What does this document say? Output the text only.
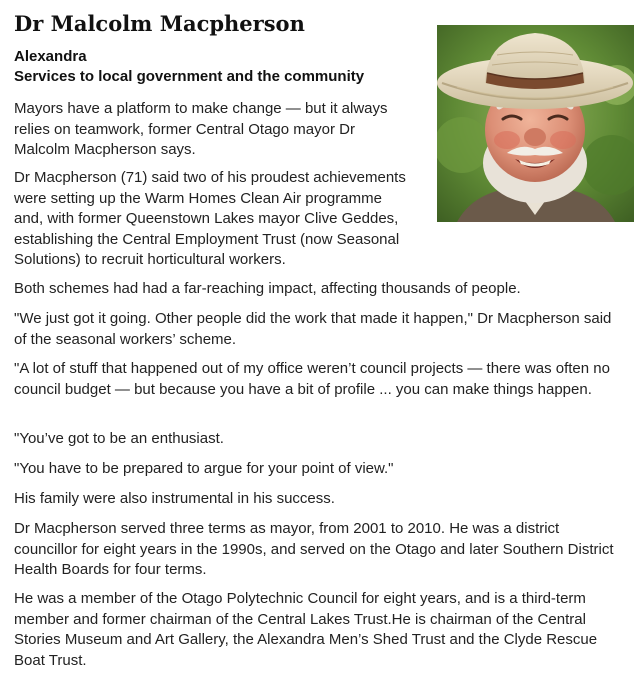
Dr Malcolm Macpherson
Alexandra
Services to local government and the community

Mayors have a platform to make change — but it always relies on teamwork, former Central Otago mayor Dr Malcolm Macpherson says.

Dr Macpherson (71) said two of his proudest achievements were setting up the Warm Homes Clean Air programme and, with former Queenstown Lakes mayor Clive Geddes, establishing the Central Employment Trust (now Seasonal Solutions) to recruit horticultural workers.

Both schemes had had a far-reaching impact, affecting thousands of people.

"We just got it going. Other people did the work that made it happen," Dr Macpherson said of the seasonal workers’ scheme.

"A lot of stuff that happened out of my office weren’t council projects — there was often no council budget — but because you have a bit of profile ... you can make things happen.

"You’ve got to be an enthusiast.

"You have to be prepared to argue for your point of view."

His family were also instrumental in his success.

Dr Macpherson served three terms as mayor, from 2001 to 2010. He was a district councillor for eight years in the 1990s, and served on the Otago and later Southern District Health Boards for four terms.

He was a member of the Otago Polytechnic Council for eight years, and is a third-term member and former chairman of the Central Lakes Trust.He is chairman of the Central Stories Museum and Art Gallery, the Alexandra Men’s Shed Trust and the Clyde Rescue Boat Trust.
